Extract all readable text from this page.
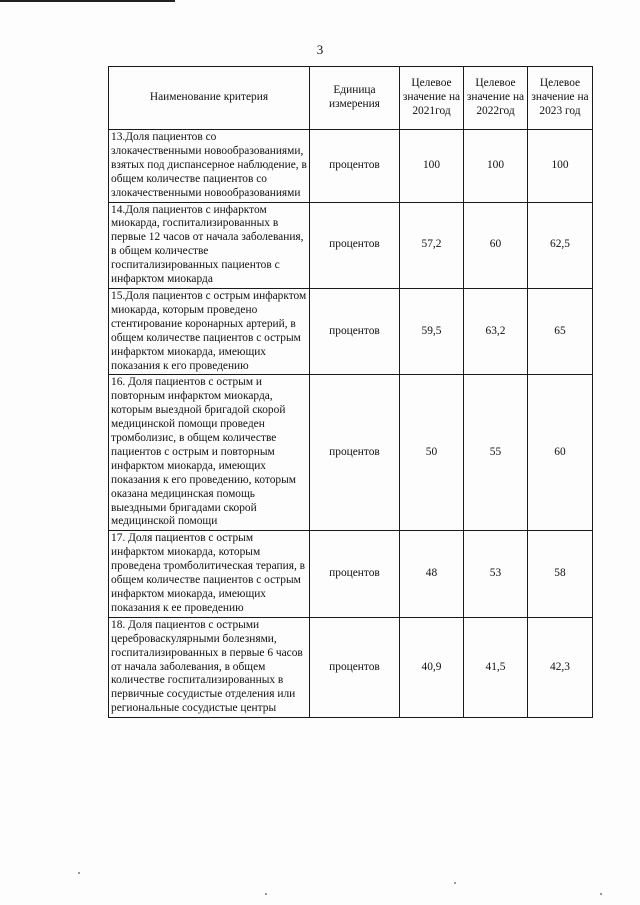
3
Наименование критерия	Единица измерения	Целевое значение на 2021год	Целевое значение на 2022год	Целевое значение на 2023 год
13.Доля пациентов со злокачественными новообразованиями, взятых под диспансерное наблюдение, в общем количестве пациентов со злокачественными новообразованиями	процентов	100	100	100
14.Доля пациентов с инфарктом миокарда, госпитализированных в первые 12 часов от начала заболевания, в общем количестве госпитализированных пациентов с инфарктом миокарда	процентов	57,2	60	62,5
15.Доля пациентов с острым инфарктом миокарда, которым проведено стентирование коронарных артерий, в общем количестве пациентов с острым инфарктом миокарда, имеющих показания к его проведению	процентов	59,5	63,2	65
16. Доля пациентов с острым и повторным инфарктом миокарда, которым выездной бригадой скорой медицинской помощи проведен тромболизис, в общем количестве пациентов с острым и повторным инфарктом миокарда, имеющих показания к его проведению, которым оказана медицинская помощь выездными бригадами скорой медицинской помощи	процентов	50	55	60
17. Доля пациентов с острым инфарктом миокарда, которым проведена тромболитическая терапия, в общем количестве пациентов с острым инфарктом миокарда, имеющих показания к ее проведению	процентов	48	53	58
18. Доля пациентов с острыми цереброваскулярными болезнями, госпитализированных в первые 6 часов от начала заболевания, в общем количестве госпитализированных в первичные сосудистые отделения или региональные сосудистые центры	процентов	40,9	41,5	42,3
